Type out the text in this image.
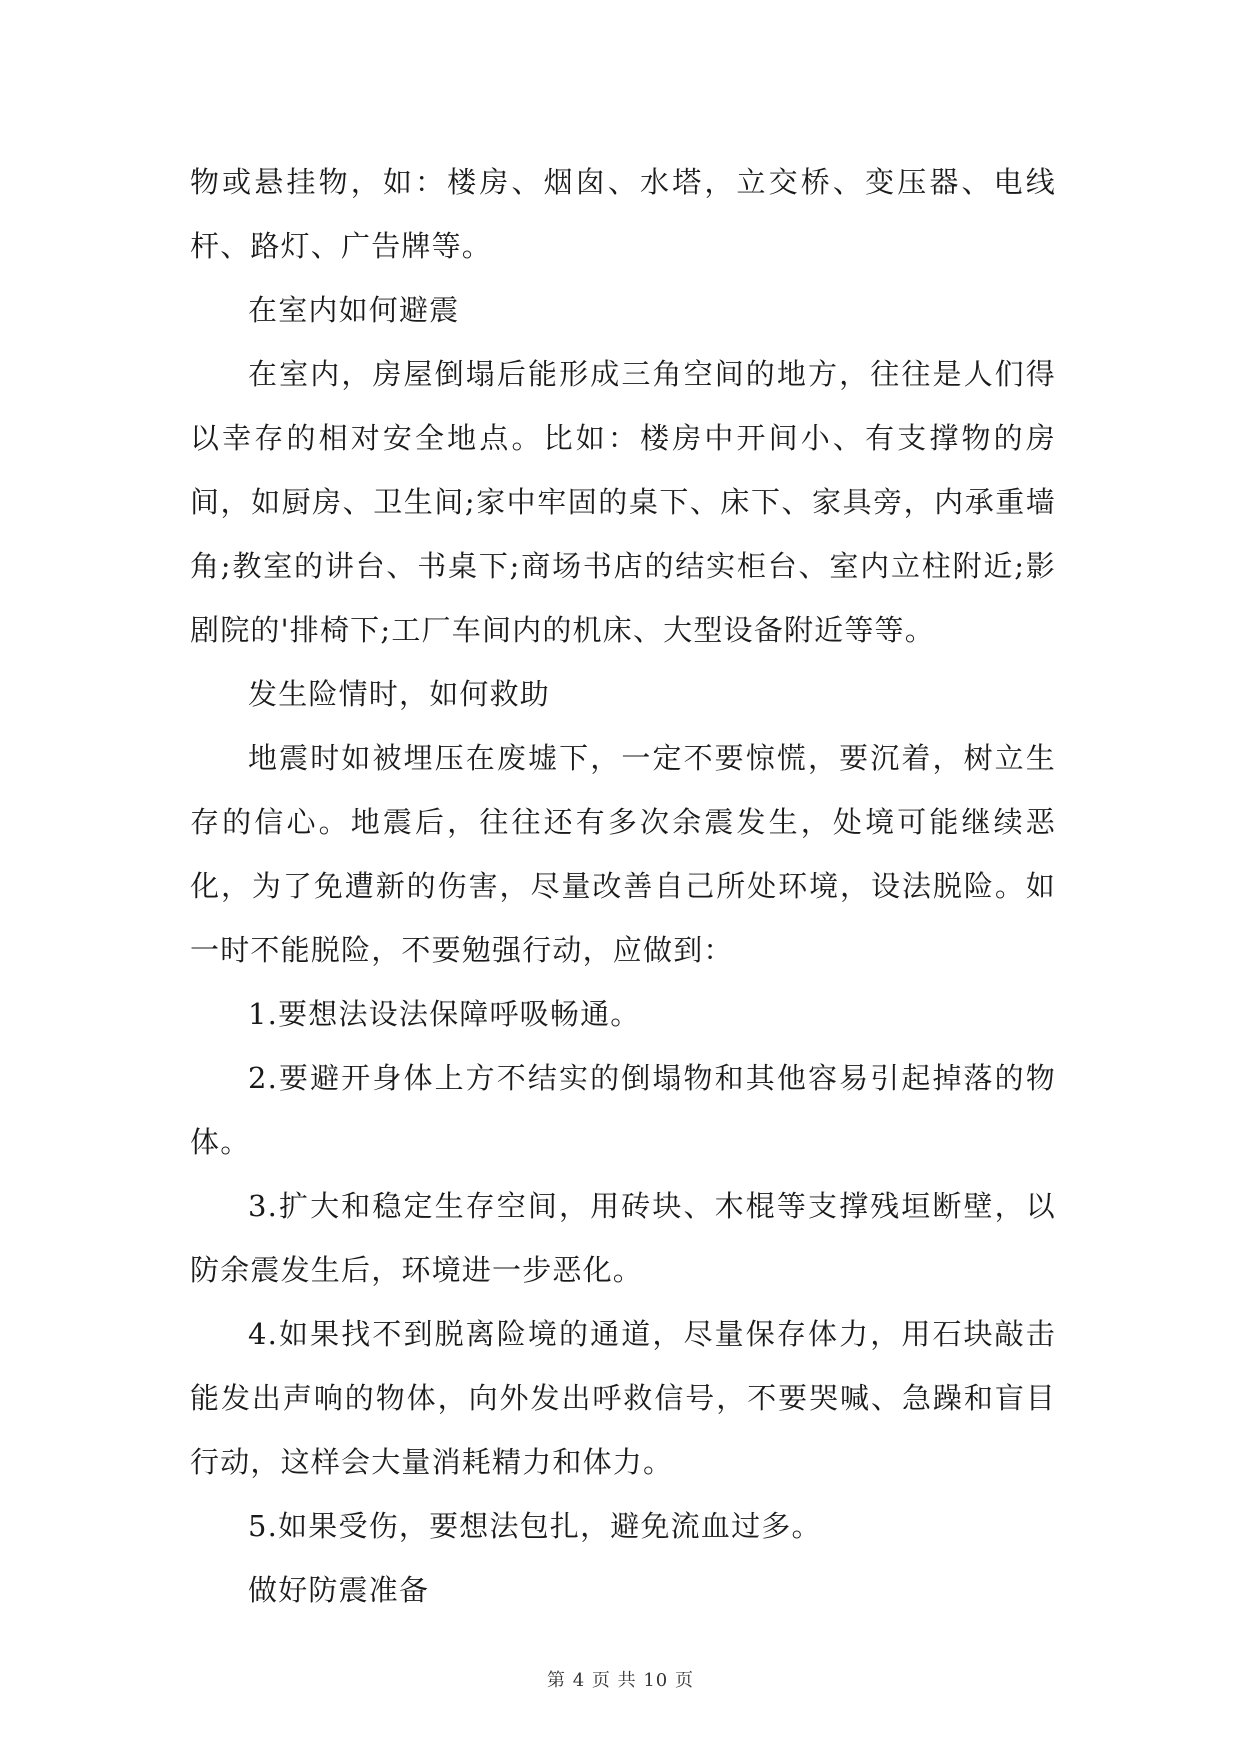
物或悬挂物，如：楼房、烟囱、水塔，立交桥、变压器、电线杆、路灯、广告牌等。

在室内如何避震

在室内，房屋倒塌后能形成三角空间的地方，往往是人们得以幸存的相对安全地点。比如：楼房中开间小、有支撑物的房间，如厨房、卫生间;家中牢固的桌下、床下、家具旁，内承重墙角;教室的讲台、书桌下;商场书店的结实柜台、室内立柱附近;影剧院的'排椅下;工厂车间内的机床、大型设备附近等等。

发生险情时，如何救助

地震时如被埋压在废墟下，一定不要惊慌，要沉着，树立生存的信心。地震后，往往还有多次余震发生，处境可能继续恶化，为了免遭新的伤害，尽量改善自己所处环境，设法脱险。如一时不能脱险，不要勉强行动，应做到：

1.要想法设法保障呼吸畅通。

2.要避开身体上方不结实的倒塌物和其他容易引起掉落的物体。

3.扩大和稳定生存空间，用砖块、木棍等支撑残垣断壁，以防余震发生后，环境进一步恶化。

4.如果找不到脱离险境的通道，尽量保存体力，用石块敲击能发出声响的物体，向外发出呼救信号，不要哭喊、急躁和盲目行动，这样会大量消耗精力和体力。

5.如果受伤，要想法包扎，避免流血过多。

做好防震准备

第 4 页 共 10 页
